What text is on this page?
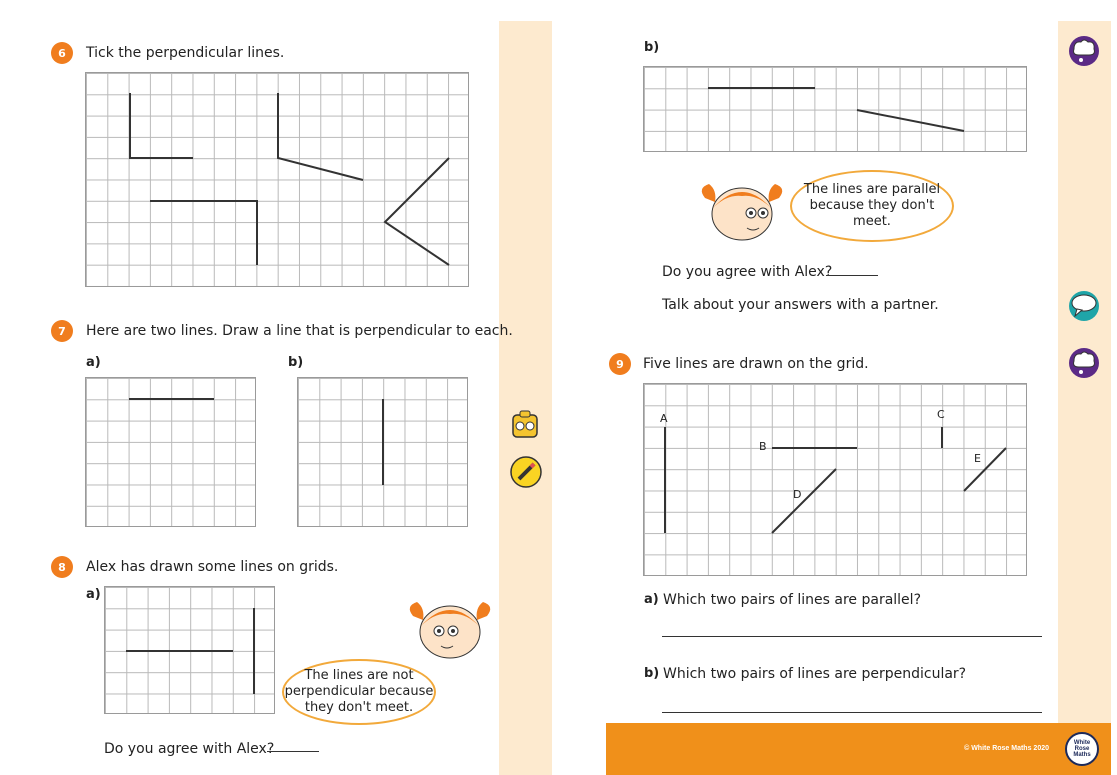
6	Tick the perpendicular lines.
7	Here are two lines. Draw a line that is perpendicular to each.
a)	b)
8	Alex has drawn some lines on grids.
a)
The lines are not perpendicular because they don't meet.
Do you agree with Alex?
b)
The lines are parallel because they don't meet.
Do you agree with Alex?
Talk about your answers with a partner.
9	Five lines are drawn on the grid.
A
B
C
D
E
a) Which two pairs of lines are parallel?
b) Which two pairs of lines are perpendicular?
© White Rose Maths 2020
White Rose Maths
